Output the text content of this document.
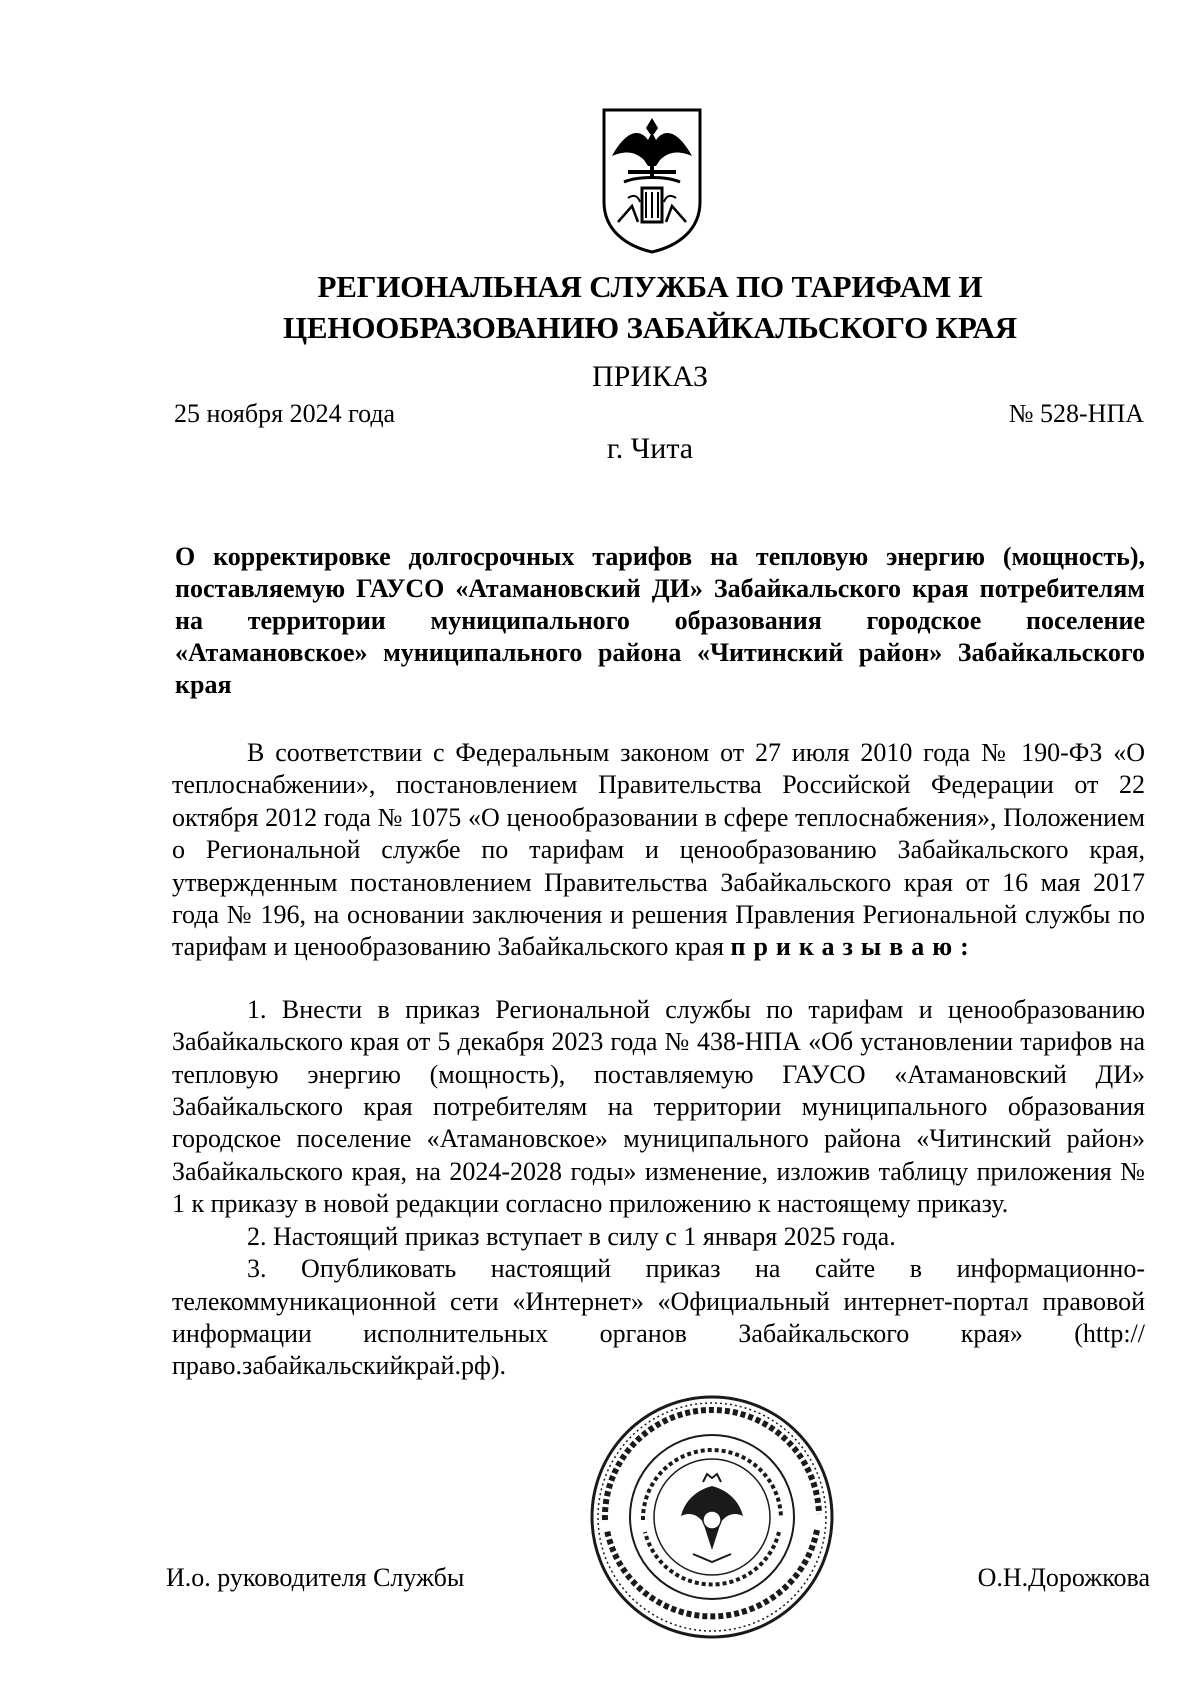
РЕГИОНАЛЬНАЯ СЛУЖБА ПО ТАРИФАМ И
ЦЕНООБРАЗОВАНИЮ ЗАБАЙКАЛЬСКОГО КРАЯ
ПРИКАЗ
25 ноября 2024 года	№ 528-НПА
г. Чита
О корректировке долгосрочных тарифов на тепловую энергию (мощность), поставляемую ГАУСО «Атамановский ДИ» Забайкальского края потребителям на территории муниципального образования городское поселение «Атамановское» муниципального района «Читинский район» Забайкальского края

В соответствии с Федеральным законом от 27 июля 2010 года № 190-ФЗ «О теплоснабжении», постановлением Правительства Российской Федерации от 22 октября 2012 года № 1075 «О ценообразовании в сфере теплоснабжения», Положением о Региональной службе по тарифам и ценообразованию Забайкальского края, утвержденным постановлением Правительства Забайкальского края от 16 мая 2017 года № 196, на основании заключения и решения Правления Региональной службы по тарифам и ценообразованию Забайкальского края приказываю:

1. Внести в приказ Региональной службы по тарифам и ценообразованию Забайкальского края от 5 декабря 2023 года № 438-НПА «Об установлении тарифов на тепловую энергию (мощность), поставляемую ГАУСО «Атамановский ДИ» Забайкальского края потребителям на территории муниципального образования городское поселение «Атамановское» муниципального района «Читинский район» Забайкальского края, на 2024-2028 годы» изменение, изложив таблицу приложения № 1 к приказу в новой редакции согласно приложению к настоящему приказу.

2. Настоящий приказ вступает в силу с 1 января 2025 года.

3. Опубликовать настоящий приказ на сайте в информационно-телекоммуникационной сети «Интернет» «Официальный интернет-портал правовой информации исполнительных органов Забайкальского края» (http://право.забайкальскийкрай.рф).

И.о. руководителя Службы	О.Н.Дорожкова
